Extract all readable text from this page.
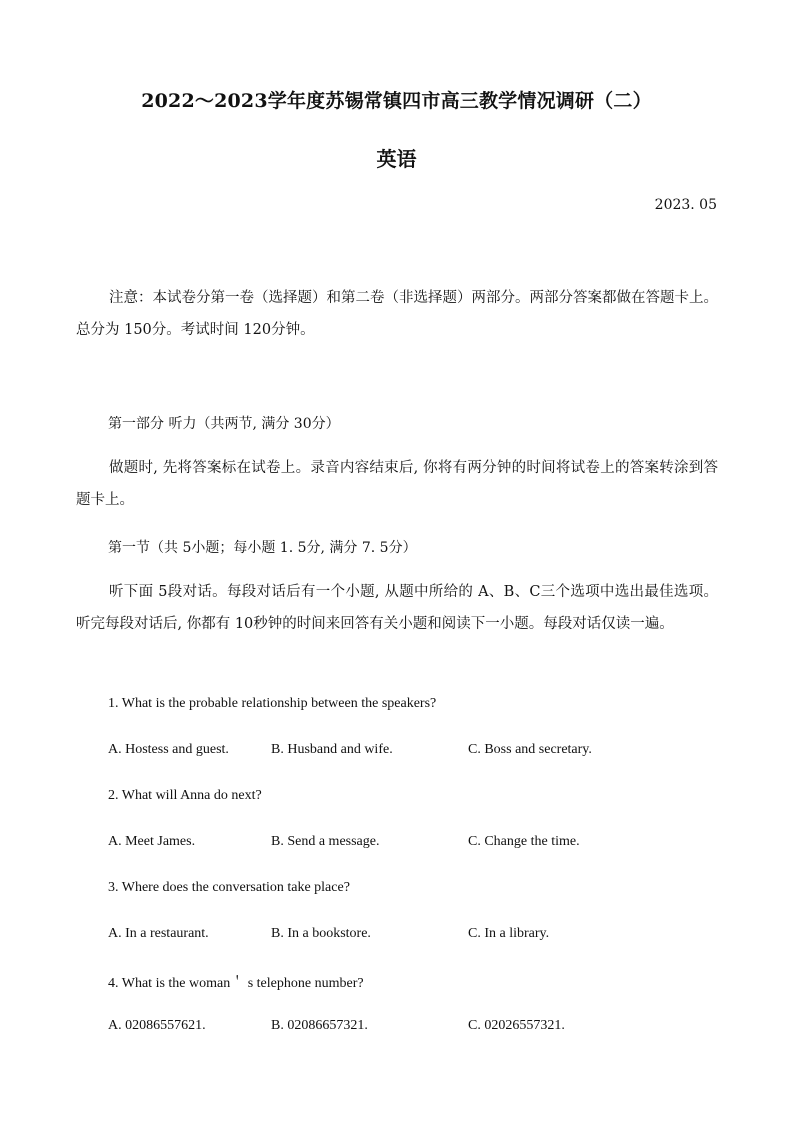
2022～2023学年度苏锡常镇四市高三教学情况调研（二）
英语
2023. 05
注意：本试卷分第一卷（选择题）和第二卷（非选择题）两部分。两部分答案都做在答题卡上。总分为 150分。考试时间 120分钟。
第一部分 听力（共两节, 满分 30分）
做题时, 先将答案标在试卷上。录音内容结束后, 你将有两分钟的时间将试卷上的答案转涂到答题卡上。
第一节（共 5小题；每小题 1. 5分, 满分 7. 5分）
听下面 5段对话。每段对话后有一个小题, 从题中所给的 A、B、C三个选项中选出最佳选项。听完每段对话后, 你都有 10秒钟的时间来回答有关小题和阅读下一小题。每段对话仅读一遍。
1. What is the probable relationship between the speakers?
A. Hostess and guest.	B. Husband and wife.	C. Boss and secretary.
2. What will Anna do next?
A. Meet James.	B. Send a message.	C. Change the time.
3. Where does the conversation take place?
A. In a restaurant.	B. In a bookstore.	C. In a library.
4. What is the woman＇ s telephone number?
A. 02086557621.	B. 02086657321.	C. 02026557321.
